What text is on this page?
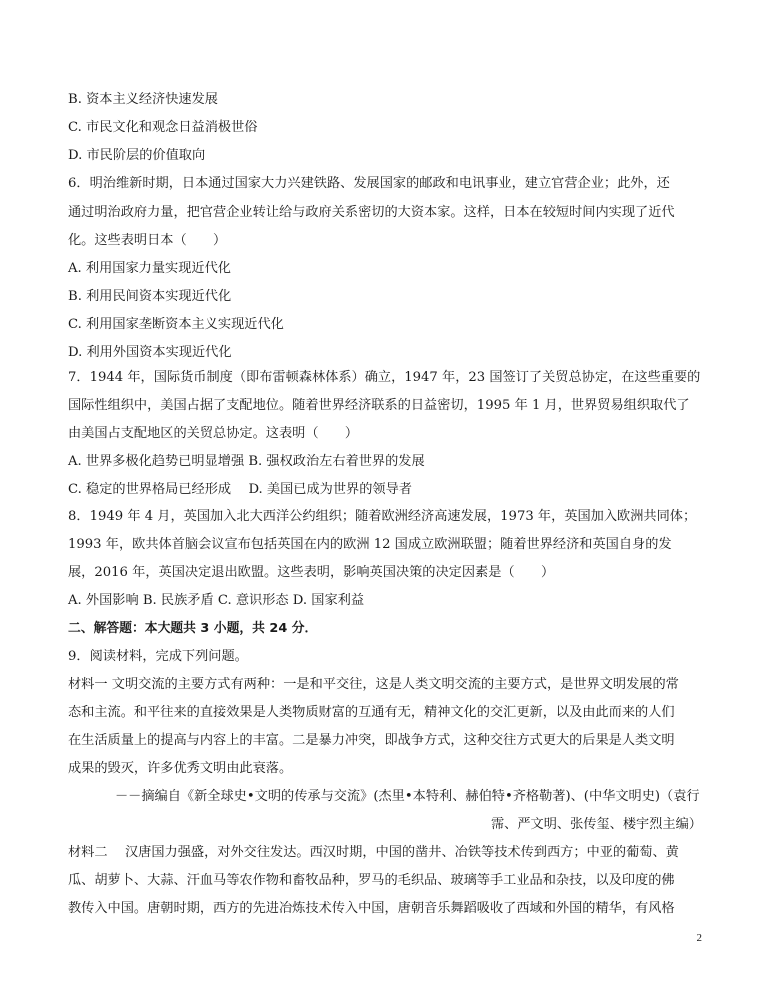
B. 资本主义经济快速发展
C. 市民文化和观念日益消极世俗
D. 市民阶层的价值取向
6．明治维新时期，日本通过国家大力兴建铁路、发展国家的邮政和电讯事业，建立官营企业；此外，还
通过明治政府力量，把官营企业转让给与政府关系密切的大资本家。这样，日本在较短时间内实现了近代
化。这些表明日本（　　）
A. 利用国家力量实现近代化
B. 利用民间资本实现近代化
C. 利用国家垄断资本主义实现近代化
D. 利用外国资本实现近代化
7．1944 年，国际货币制度（即布雷顿森林体系）确立，1947 年，23 国签订了关贸总协定，在这些重要的
国际性组织中，美国占据了支配地位。随着世界经济联系的日益密切，1995 年 1 月，世界贸易组织取代了
由美国占支配地区的关贸总协定。这表明（　　）
A. 世界多极化趋势已明显增强 B. 强权政治左右着世界的发展
C. 稳定的世界格局已经形成　 D. 美国已成为世界的领导者
8．1949 年 4 月，英国加入北大西洋公约组织；随着欧洲经济高速发展，1973 年，英国加入欧洲共同体；
1993 年，欧共体首脑会议宣布包括英国在内的欧洲 12 国成立欧洲联盟；随着世界经济和英国自身的发
展，2016 年，英国决定退出欧盟。这些表明，影响英国决策的决定因素是（　　）
A. 外国影响 B. 民族矛盾 C. 意识形态 D. 国家利益
二、解答题：本大题共 3 小题，共 24 分．
9．阅读材料，完成下列问题。
材料一 文明交流的主要方式有两种：一是和平交往，这是人类文明交流的主要方式，是世界文明发展的常
态和主流。和平往来的直接效果是人类物质财富的互通有无，精神文化的交汇更新，以及由此而来的人们
在生活质量上的提高与内容上的丰富。二是暴力冲突，即战争方式，这种交往方式更大的后果是人类文明
成果的毁灭，许多优秀文明由此衰落。
－－摘编自《新全球史•文明的传承与交流》(杰里•本特利、赫伯特•齐格勒著)、(中华文明史)（袁行
霈、严文明、张传玺、楼宇烈主编）
材料二　 汉唐国力强盛，对外交往发达。西汉时期，中国的凿井、冶铁等技术传到西方；中亚的葡萄、黄
瓜、胡萝卜、大蒜、汗血马等农作物和畜牧品种，罗马的毛织品、玻璃等手工业品和杂技，以及印度的佛
教传入中国。唐朝时期，西方的先进冶炼技术传入中国，唐朝音乐舞蹈吸收了西域和外国的精华，有风格
2
